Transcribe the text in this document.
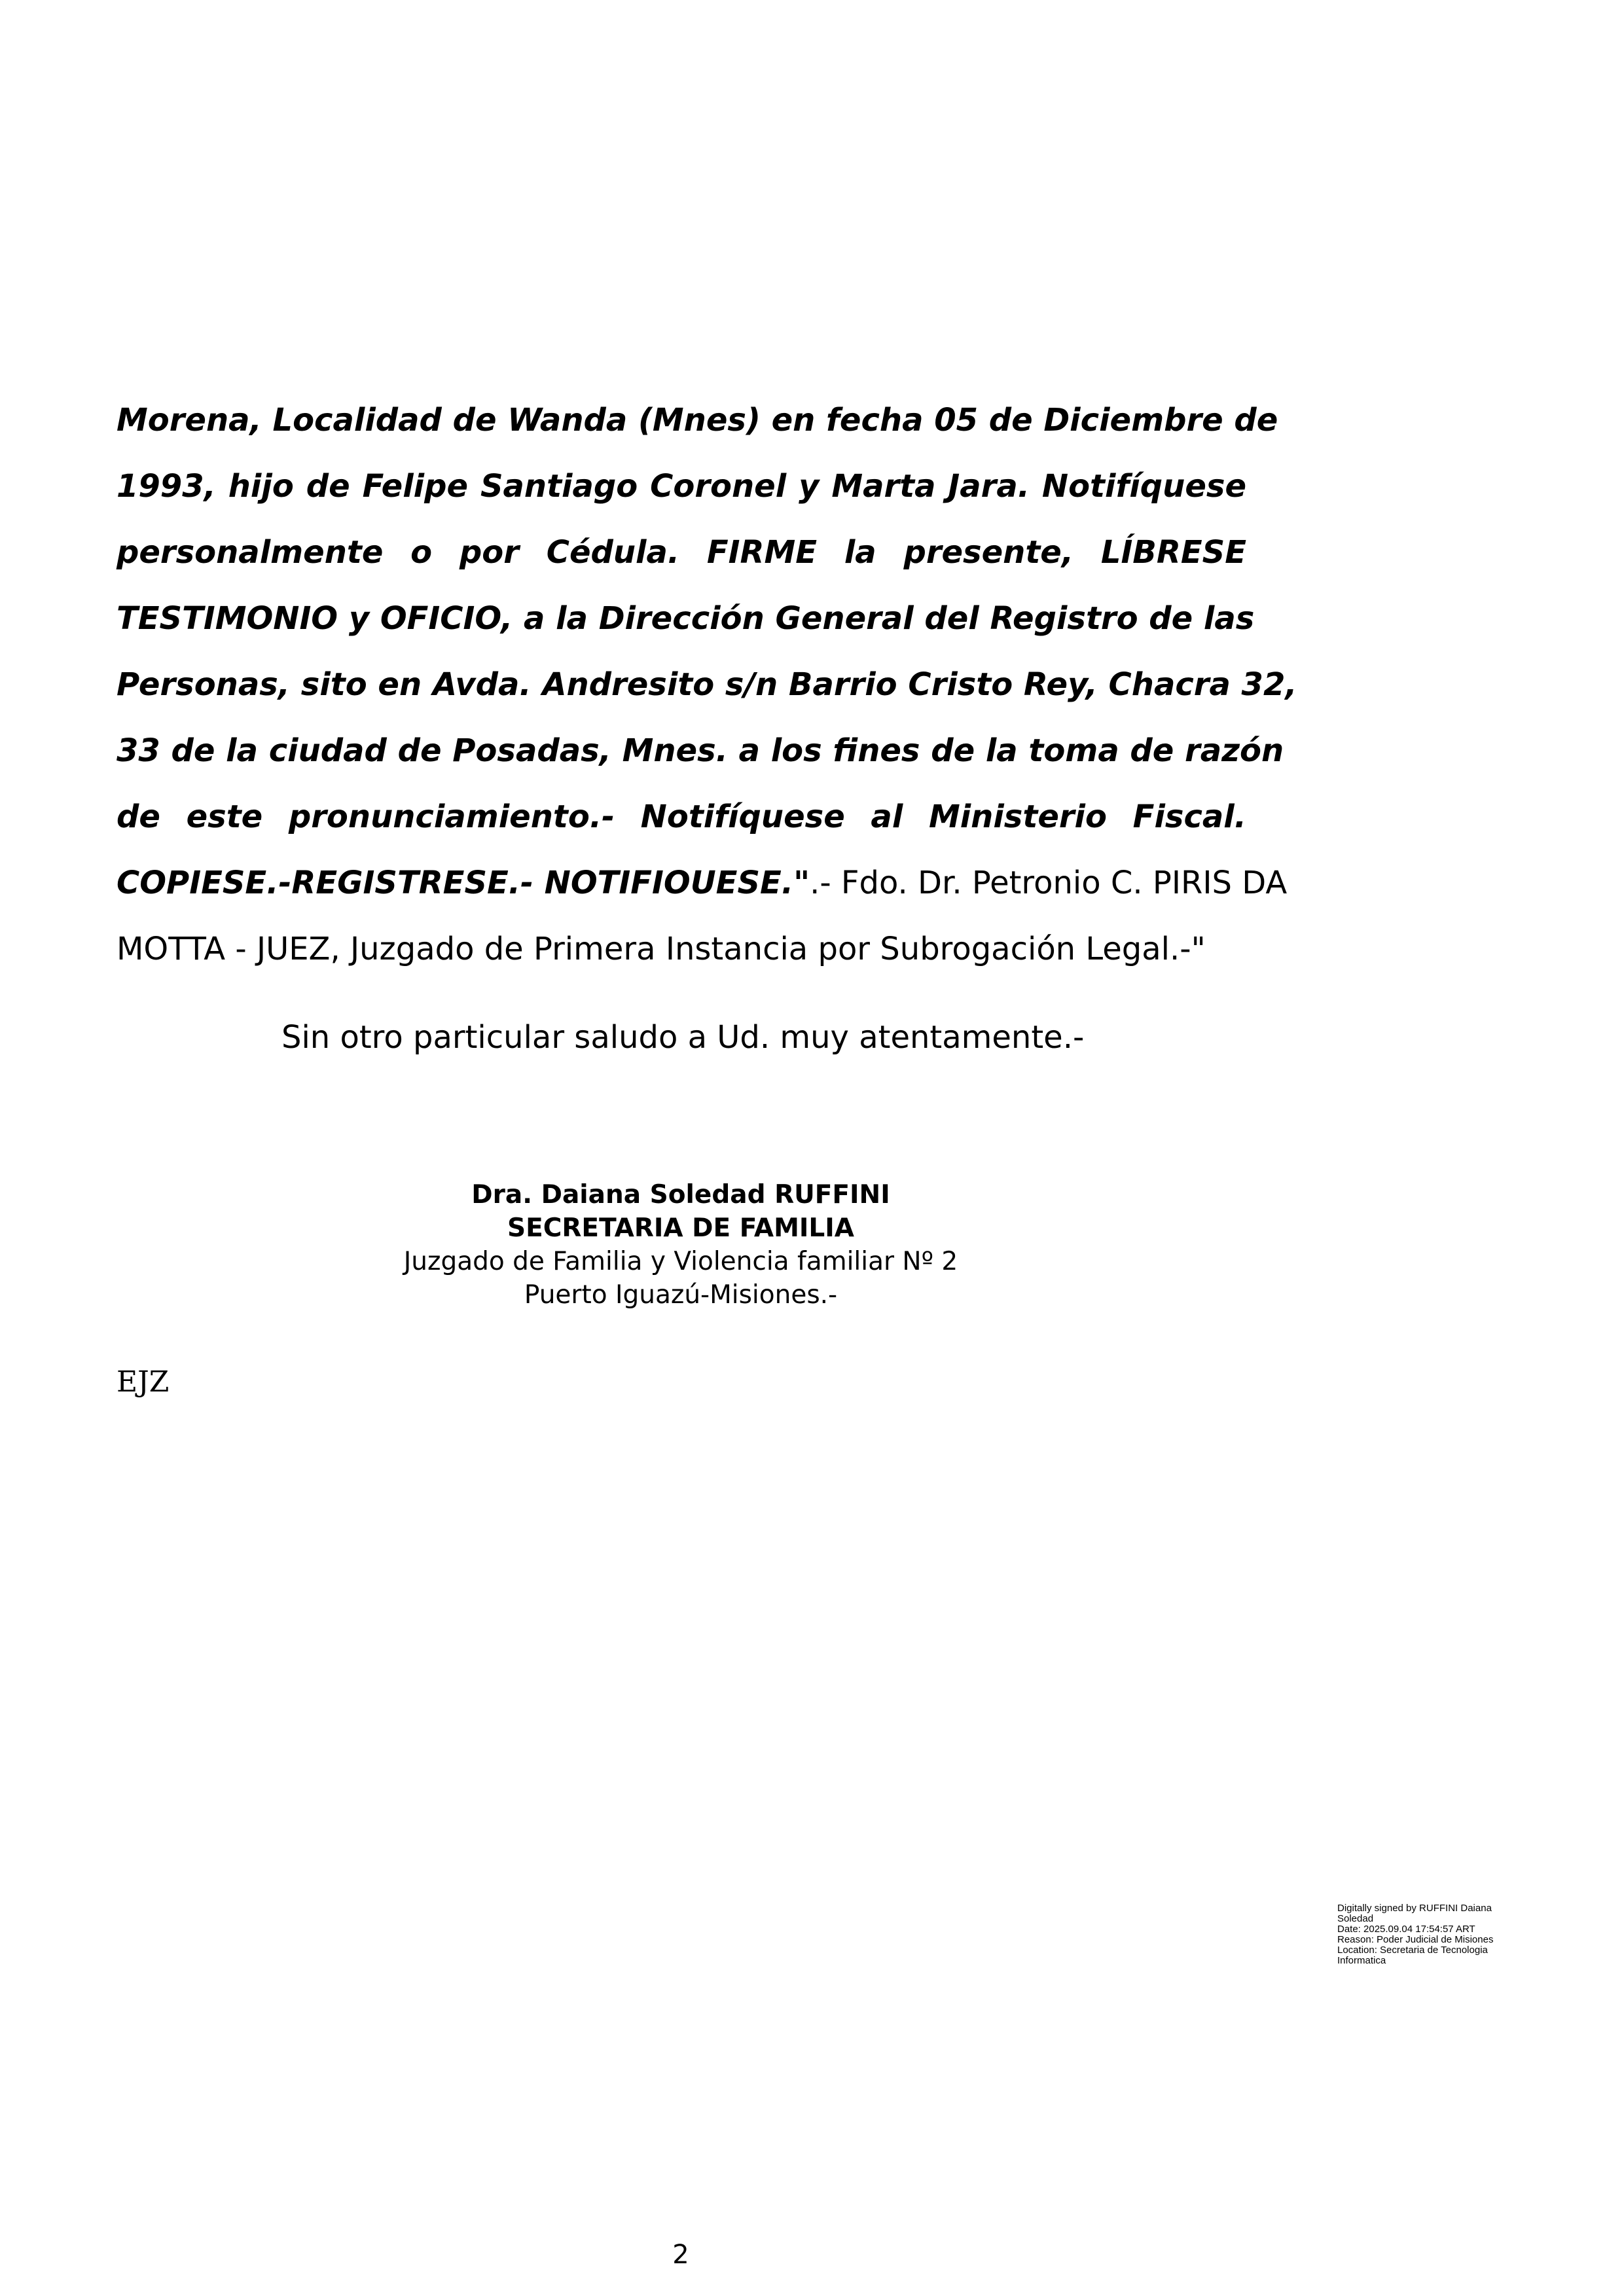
Morena, Localidad de Wanda (Mnes) en fecha 05 de Diciembre de
1993, hijo de Felipe Santiago Coronel y Marta Jara. Notifíquese
personalmente o por Cédula. FIRME la presente, LÍBRESE
TESTIMONIO y OFICIO, a la Dirección General del Registro de las
Personas, sito en Avda. Andresito s/n Barrio Cristo Rey, Chacra 32,
33 de la ciudad de Posadas, Mnes. a los fines de la toma de razón
de este pronunciamiento.- Notifíquese al Ministerio Fiscal.
COPIESE.-REGISTRESE.- NOTIFIOUESE.".- Fdo. Dr. Petronio C. PIRIS DA
MOTTA - JUEZ, Juzgado de Primera Instancia por Subrogación Legal.-"
Sin otro particular saludo a Ud. muy atentamente.-
Dra. Daiana Soledad RUFFINI
SECRETARIA DE FAMILIA
Juzgado de Familia y Violencia familiar Nº 2
Puerto Iguazú-Misiones.-
EJZ
Digitally signed by RUFFINI Daiana
Soledad
Date: 2025.09.04 17:54:57 ART
Reason: Poder Judicial de Misiones
Location: Secretaria de Tecnologia
Informatica
2
